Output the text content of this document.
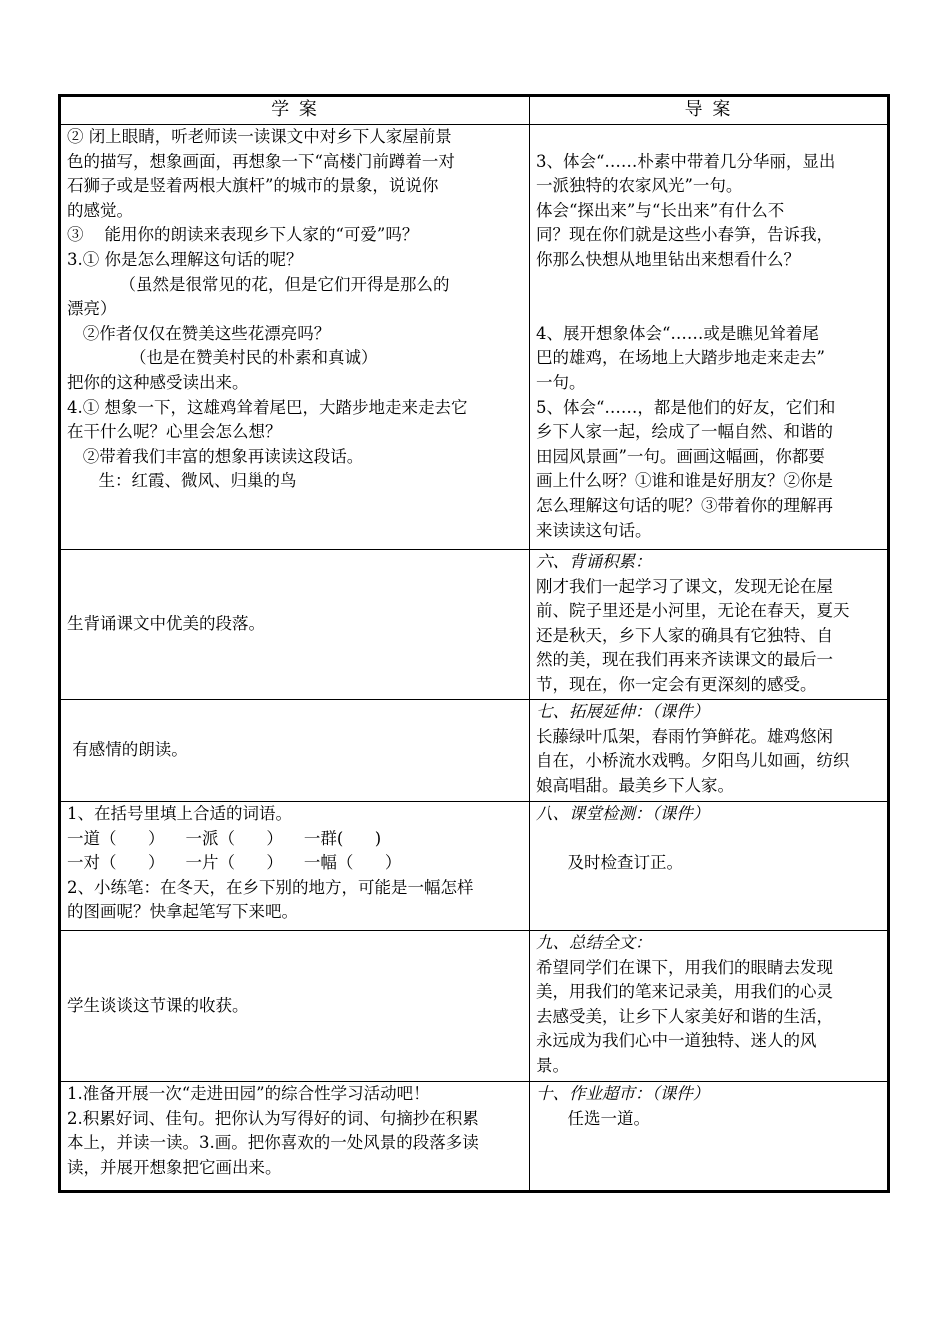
学 案	导 案

② 闭上眼睛，听老师读一读课文中对乡下人家屋前景

色的描写，想象画面，再想象一下“高楼门前蹲着一对

石狮子或是竖着两根大旗杆”的城市的景象，说说你

的感觉。

③    能用你的朗读来表现乡下人家的“可爱”吗？

3.① 你是怎么理解这句话的呢？

（虽然是很常见的花，但是它们开得是那么的

漂亮）

②作者仅仅在赞美这些花漂亮吗？

（也是在赞美村民的朴素和真诚）

把你的这种感受读出来。

4.① 想象一下，这雄鸡耸着尾巴，大踏步地走来走去它

在干什么呢？心里会怎么想？

②带着我们丰富的想象再读读这段话。

生：红霞、微风、归巢的鸟

3、体会“……朴素中带着几分华丽，显出

一派独特的农家风光”一句。

体会“探出来”与“长出来”有什么不

同？现在你们就是这些小春笋，告诉我，

你那么快想从地里钻出来想看什么？

4、展开想象体会“……或是瞧见耸着尾

巴的雄鸡，在场地上大踏步地走来走去”

一句。

5、体会“……，都是他们的好友，它们和

乡下人家一起，绘成了一幅自然、和谐的

田园风景画”一句。画画这幅画，你都要

画上什么呀？①谁和谁是好朋友？②你是

怎么理解这句话的呢？③带着你的理解再

来读读这句话。

生背诵课文中优美的段落。

六、背诵积累：

刚才我们一起学习了课文，发现无论在屋

前、院子里还是小河里，无论在春天，夏天

还是秋天，乡下人家的确具有它独特、自

然的美，现在我们再来齐读课文的最后一

节，现在，你一定会有更深刻的感受。

有感情的朗读。

七、拓展延伸：（课件）

长藤绿叶瓜架，春雨竹笋鲜花。雄鸡悠闲

自在，小桥流水戏鸭。夕阳鸟儿如画，纺织

娘高唱甜。最美乡下人家。

1、在括号里填上合适的词语。

一道（      ）    一派（      ）    一群(      )

一对（      ）    一片（      ）    一幅（      ）

2、小练笔：在冬天，在乡下别的地方，可能是一幅怎样

的图画呢？快拿起笔写下来吧。

八、课堂检测：（课件）

及时检查订正。

学生谈谈这节课的收获。

九、总结全文：

希望同学们在课下，用我们的眼睛去发现

美，用我们的笔来记录美，用我们的心灵

去感受美，让乡下人家美好和谐的生活，

永远成为我们心中一道独特、迷人的风

景。

1.准备开展一次“走进田园”的综合性学习活动吧！

2.积累好词、佳句。把你认为写得好的词、句摘抄在积累

本上，并读一读。3.画。把你喜欢的一处风景的段落多读

读，并展开想象把它画出来。

十、作业超市：（课件）

任选一道。
